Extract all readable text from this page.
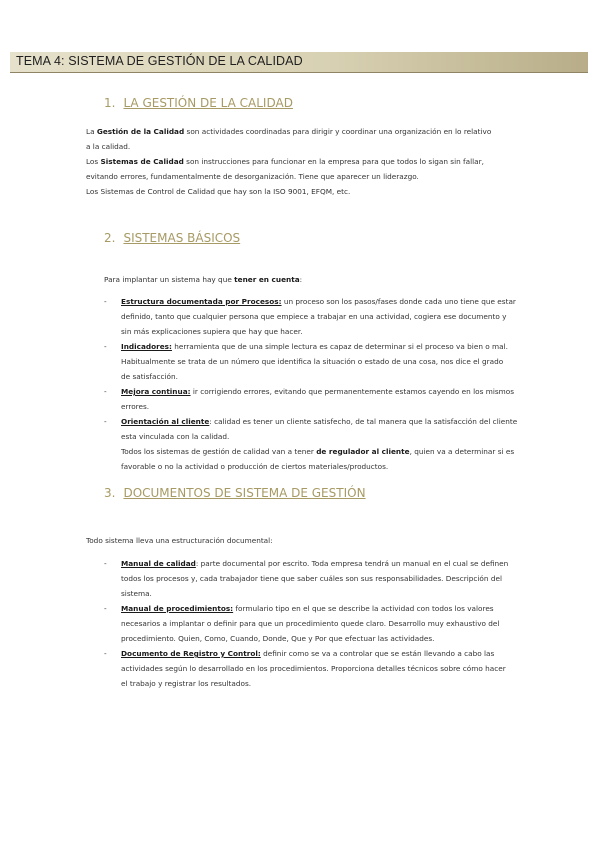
TEMA 4: SISTEMA DE GESTIÓN DE LA CALIDAD
1. LA GESTIÓN DE LA CALIDAD
La Gestión de la Calidad son actividades coordinadas para dirigir y coordinar una organización en lo relativo
a la calidad.
Los Sistemas de Calidad son instrucciones para funcionar en la empresa para que todos lo sigan sin fallar,
evitando errores, fundamentalmente de desorganización. Tiene que aparecer un liderazgo.
Los Sistemas de Control de Calidad que hay son la ISO 9001, EFQM, etc.
2. SISTEMAS BÁSICOS
Para implantar un sistema hay que tener en cuenta:
- Estructura documentada por Procesos: un proceso son los pasos/fases donde cada uno tiene que estar
definido, tanto que cualquier persona que empiece a trabajar en una actividad, cogiera ese documento y
sin más explicaciones supiera que hay que hacer.
- Indicadores: herramienta que de una simple lectura es capaz de determinar si el proceso va bien o mal.
Habitualmente se trata de un número que identifica la situación o estado de una cosa, nos dice el grado
de satisfacción.
- Mejora continua: ir corrigiendo errores, evitando que permanentemente estamos cayendo en los mismos
errores.
- Orientación al cliente: calidad es tener un cliente satisfecho, de tal manera que la satisfacción del cliente
esta vinculada con la calidad.
Todos los sistemas de gestión de calidad van a tener de regulador al cliente, quien va a determinar si es
favorable o no la actividad o producción de ciertos materiales/productos.
3. DOCUMENTOS DE SISTEMA DE GESTIÓN
Todo sistema lleva una estructuración documental:
- Manual de calidad: parte documental por escrito. Toda empresa tendrá un manual en el cual se definen
todos los procesos y, cada trabajador tiene que saber cuáles son sus responsabilidades. Descripción del
sistema.
- Manual de procedimientos: formulario tipo en el que se describe la actividad con todos los valores
necesarios a implantar o definir para que un procedimiento quede claro. Desarrollo muy exhaustivo del
procedimiento. Quien, Como, Cuando, Donde, Que y Por que efectuar las actividades.
- Documento de Registro y Control: definir como se va a controlar que se están llevando a cabo las
actividades según lo desarrollado en los procedimientos. Proporciona detalles técnicos sobre cómo hacer
el trabajo y registrar los resultados.
